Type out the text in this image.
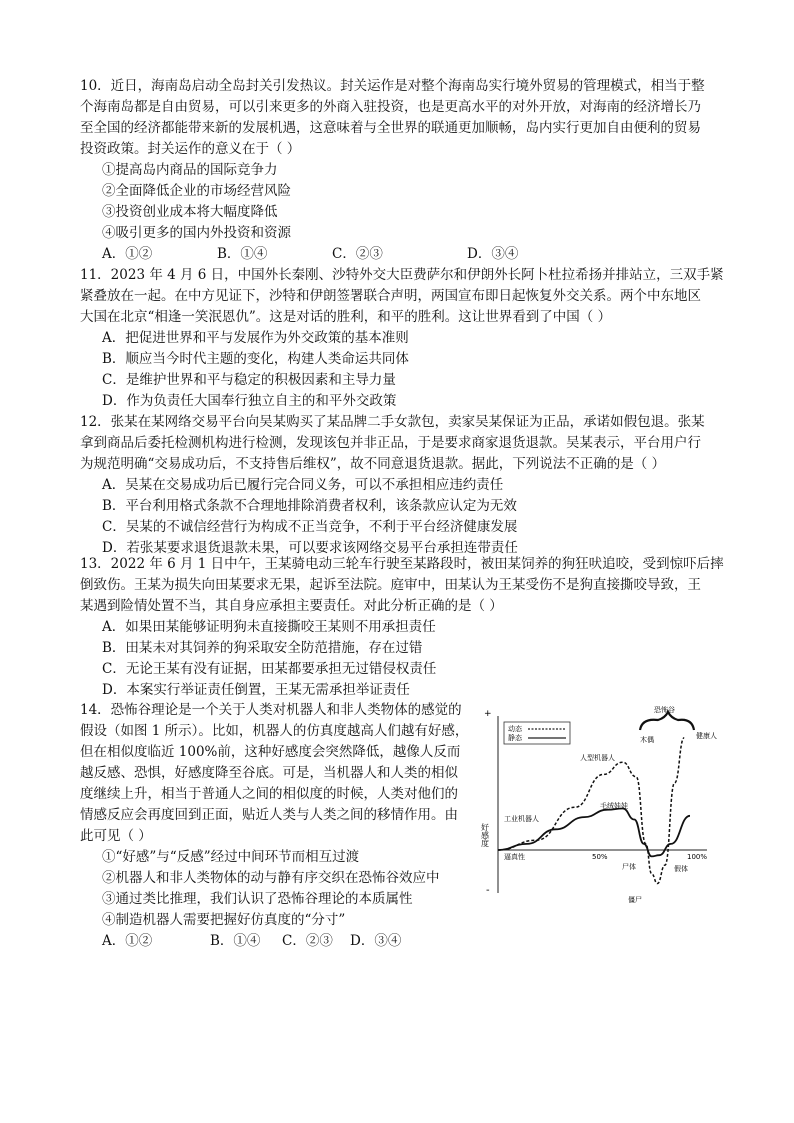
10．近日，海南岛启动全岛封关引发热议。封关运作是对整个海南岛实行境外贸易的管理模式，相当于整
个海南岛都是自由贸易，可以引来更多的外商入驻投资，也是更高水平的对外开放，对海南的经济增长乃
至全国的经济都能带来新的发展机遇，这意味着与全世界的联通更加顺畅，岛内实行更加自由便利的贸易
投资政策。封关运作的意义在于（ ）
①提高岛内商品的国际竞争力
②全面降低企业的市场经营风险
③投资创业成本将大幅度降低
④吸引更多的国内外投资和资源
A．①②	B．①④	C．②③	D．③④
11．2023 年 4 月 6 日，中国外长秦刚、沙特外交大臣费萨尔和伊朗外长阿卜杜拉希扬并排站立，三双手紧
紧叠放在一起。在中方见证下，沙特和伊朗签署联合声明，两国宣布即日起恢复外交关系。两个中东地区
大国在北京“相逢一笑泯恩仇”。这是对话的胜利，和平的胜利。这让世界看到了中国（ ）
A．把促进世界和平与发展作为外交政策的基本准则
B．顺应当今时代主题的变化，构建人类命运共同体
C．是维护世界和平与稳定的积极因素和主导力量
D．作为负责任大国奉行独立自主的和平外交政策
12．张某在某网络交易平台向吴某购买了某品牌二手女款包，卖家吴某保证为正品，承诺如假包退。张某
拿到商品后委托检测机构进行检测，发现该包并非正品，于是要求商家退货退款。吴某表示，平台用户行
为规范明确“交易成功后，不支持售后维权”，故不同意退货退款。据此，下列说法不正确的是（ ）
A．吴某在交易成功后已履行完合同义务，可以不承担相应违约责任
B．平台利用格式条款不合理地排除消费者权利，该条款应认定为无效
C．吴某的不诚信经营行为构成不正当竞争，不利于平台经济健康发展
D．若张某要求退货退款未果，可以要求该网络交易平台承担连带责任
13．2022 年 6 月 1 日中午，王某骑电动三轮车行驶至某路段时，被田某饲养的狗狂吠追咬，受到惊吓后摔
倒致伤。王某为损失向田某要求无果，起诉至法院。庭审中，田某认为王某受伤不是狗直接撕咬导致，王
某遇到险情处置不当，其自身应承担主要责任。对此分析正确的是（ ）
A．如果田某能够证明狗未直接撕咬王某则不用承担责任
B．田某未对其饲养的狗采取安全防范措施，存在过错
C．无论王某有没有证据，田某都要承担无过错侵权责任
D．本案实行举证责任倒置，王某无需承担举证责任
14．恐怖谷理论是一个关于人类对机器人和非人类物体的感觉的
假设（如图 1 所示）。比如，机器人的仿真度越高人们越有好感，
但在相似度临近 100%前，这种好感度会突然降低，越像人反而
越反感、恐惧，好感度降至谷底。可是，当机器人和人类的相似
度继续上升，相当于普通人之间的相似度的时候，人类对他们的
情感反应会再度回到正面，贴近人类与人类之间的移情作用。由
此可见（ ）
①“好感”与“反感”经过中间环节而相互过渡
②机器人和非人类物体的动与静有序交织在恐怖谷效应中
③通过类比推理，我们认识了恐怖谷理论的本质属性
④制造机器人需要把握好仿真度的“分寸”
A．①②	B．①④ C．②③ D．③④
+
-
好感度
逼真性	50%	100%
动态
静态
恐怖谷
健康人
木偶
人型机器人
毛绒娃娃
工业机器人
尸体	假体
僵尸
